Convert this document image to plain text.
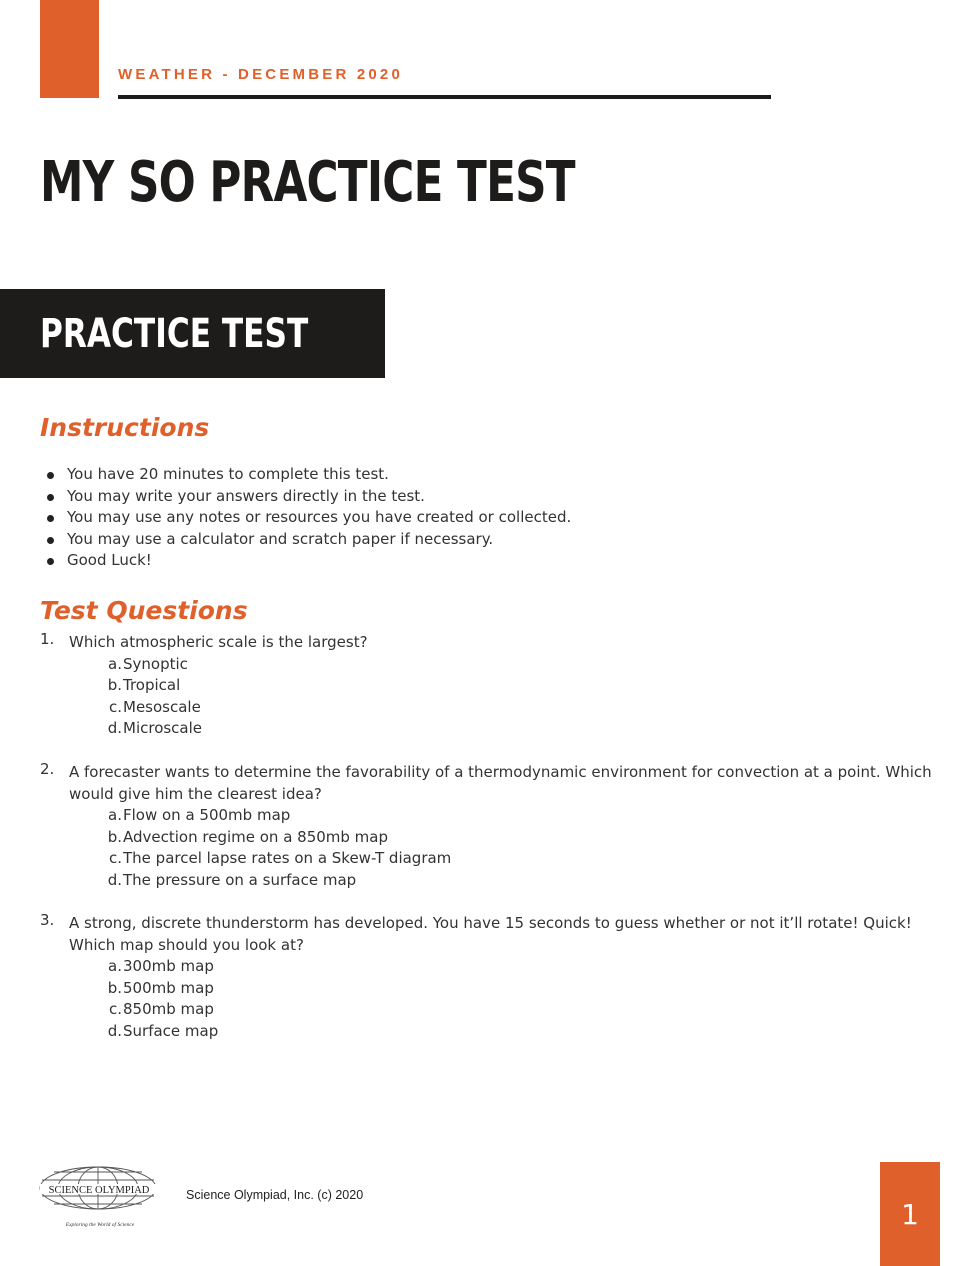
WEATHER - DECEMBER 2020

MY SO PRACTICE TEST
PRACTICE TEST
Instructions
You have 20 minutes to complete this test.
You may write your answers directly in the test.
You may use any notes or resources you have created or collected.
You may use a calculator and scratch paper if necessary.
Good Luck!
Test Questions
1. Which atmospheric scale is the largest?
a.Synoptic
b.Tropical
c.Mesoscale
d.Microscale
2. A forecaster wants to determine the favorability of a thermodynamic environment for convection at a point. Which would give him the clearest idea?
a.Flow on a 500mb map
b.Advection regime on a 850mb map
c.The parcel lapse rates on a Skew-T diagram
d.The pressure on a surface map
3. A strong, discrete thunderstorm has developed. You have 15 seconds to guess whether or not it’ll rotate! Quick! Which map should you look at?
a.300mb map
b.500mb map
c.850mb map
d.Surface map
SCIENCE OLYMPIAD
Exploring the World of Science

Science Olympiad, Inc. (c) 2020

1
